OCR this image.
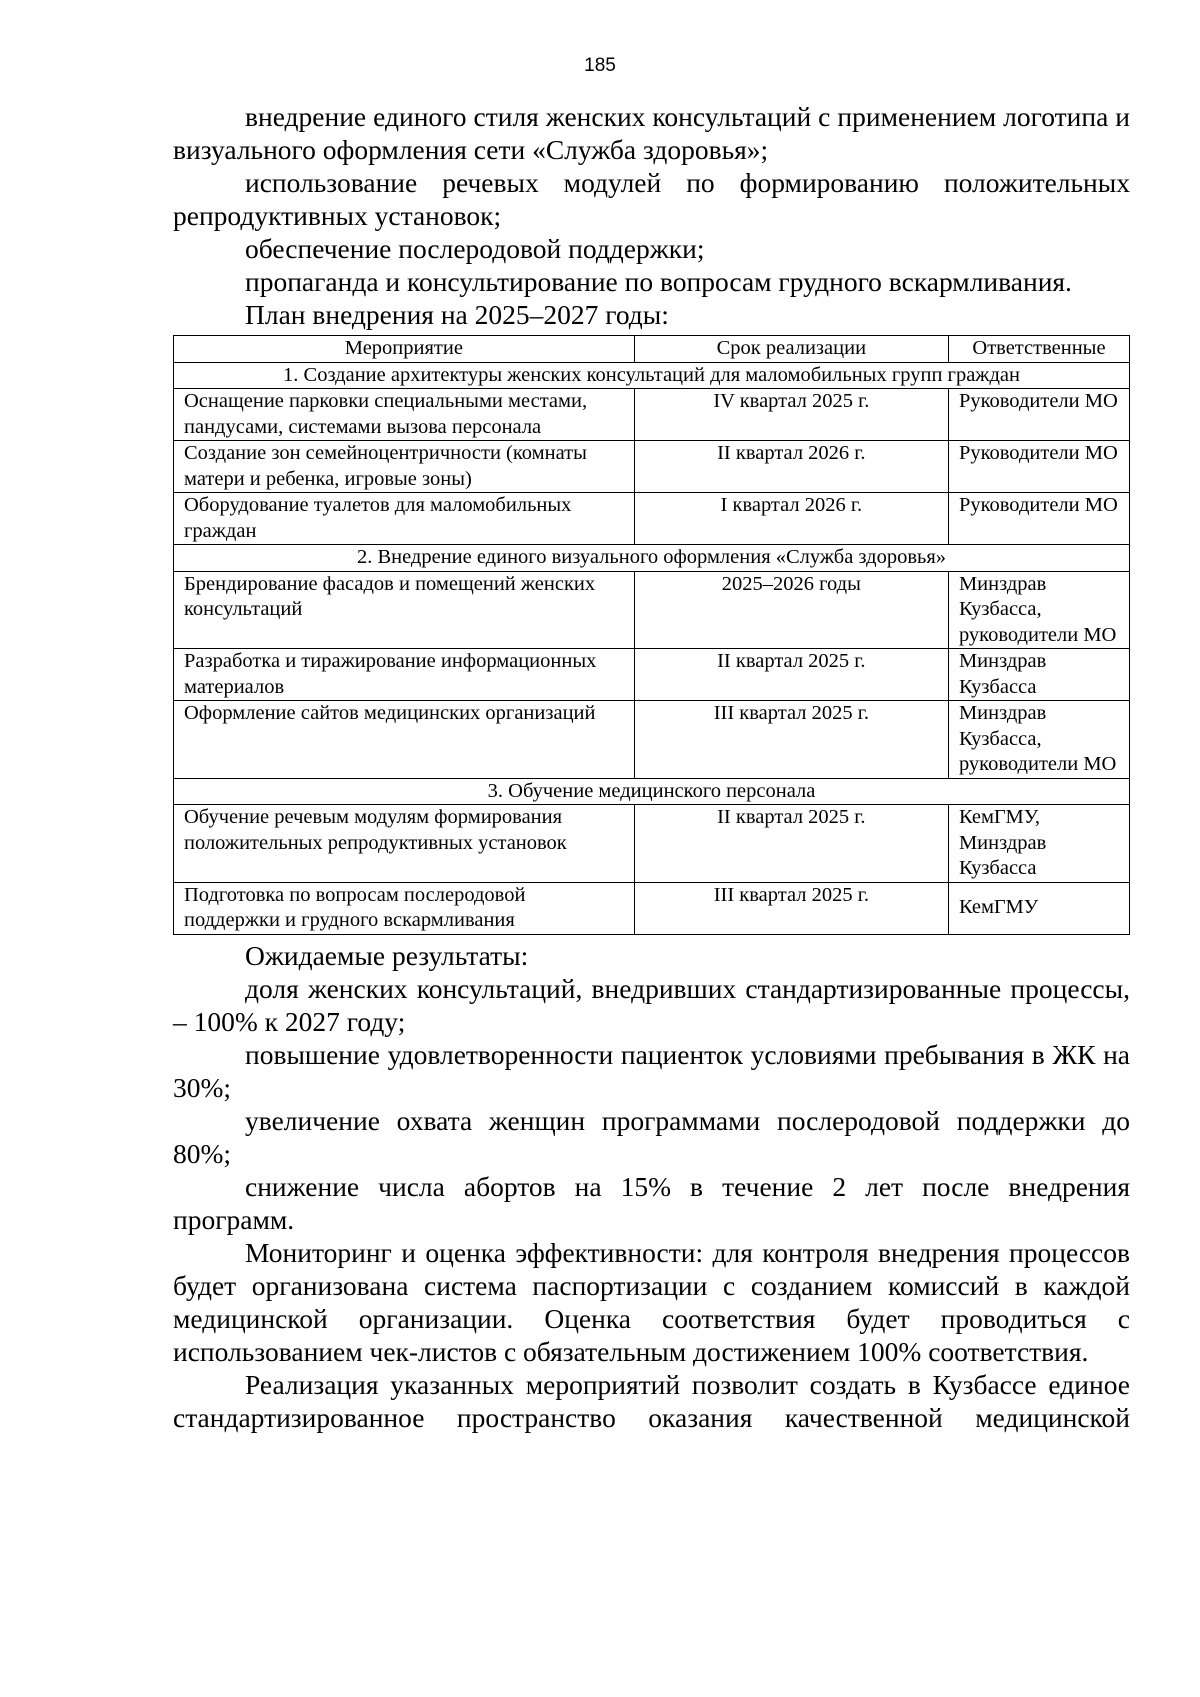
185

внедрение единого стиля женских консультаций с применением логотипа и визуального оформления сети «Служба здоровья»;

использование речевых модулей по формированию положительных репродуктивных установок;

обеспечение послеродовой поддержки;

пропаганда и консультирование по вопросам грудного вскармливания.

План внедрения на 2025–2027 годы:

Мероприятие	Срок реализации	Ответственные
1. Создание архитектуры женских консультаций для маломобильных групп граждан		
Оснащение парковки специальными местами, пандусами, системами вызова персонала	IV квартал 2025 г.	Руководители МО
Создание зон семейноцентричности (комнаты матери и ребенка, игровые зоны)	II квартал 2026 г.	Руководители МО
Оборудование туалетов для маломобильных граждан	I квартал 2026 г.	Руководители МО
2. Внедрение единого визуального оформления «Служба здоровья»		
Брендирование фасадов и помещений женских консультаций	2025–2026 годы	Минздрав Кузбасса, руководители МО
Разработка и тиражирование информационных материалов	II квартал 2025 г.	Минздрав Кузбасса
Оформление сайтов медицинских организаций	III квартал 2025 г.	Минздрав Кузбасса, руководители МО
3. Обучение медицинского персонала		
Обучение речевым модулям формирования положительных репродуктивных установок	II квартал 2025 г.	КемГМУ, Минздрав Кузбасса
Подготовка по вопросам послеродовой поддержки и грудного вскармливания	III квартал 2025 г.	КемГМУ

Ожидаемые результаты:

доля женских консультаций, внедривших стандартизированные процессы, – 100% к 2027 году;

повышение удовлетворенности пациенток условиями пребывания в ЖК на 30%;

увеличение охвата женщин программами послеродовой поддержки до 80%;

снижение числа абортов на 15% в течение 2 лет после внедрения программ.

Мониторинг и оценка эффективности: для контроля внедрения процессов будет организована система паспортизации с созданием комиссий в каждой медицинской организации. Оценка соответствия будет проводиться с использованием чек-листов с обязательным достижением 100% соответствия.

Реализация указанных мероприятий позволит создать в Кузбассе единое стандартизированное пространство оказания качественной медицинской
